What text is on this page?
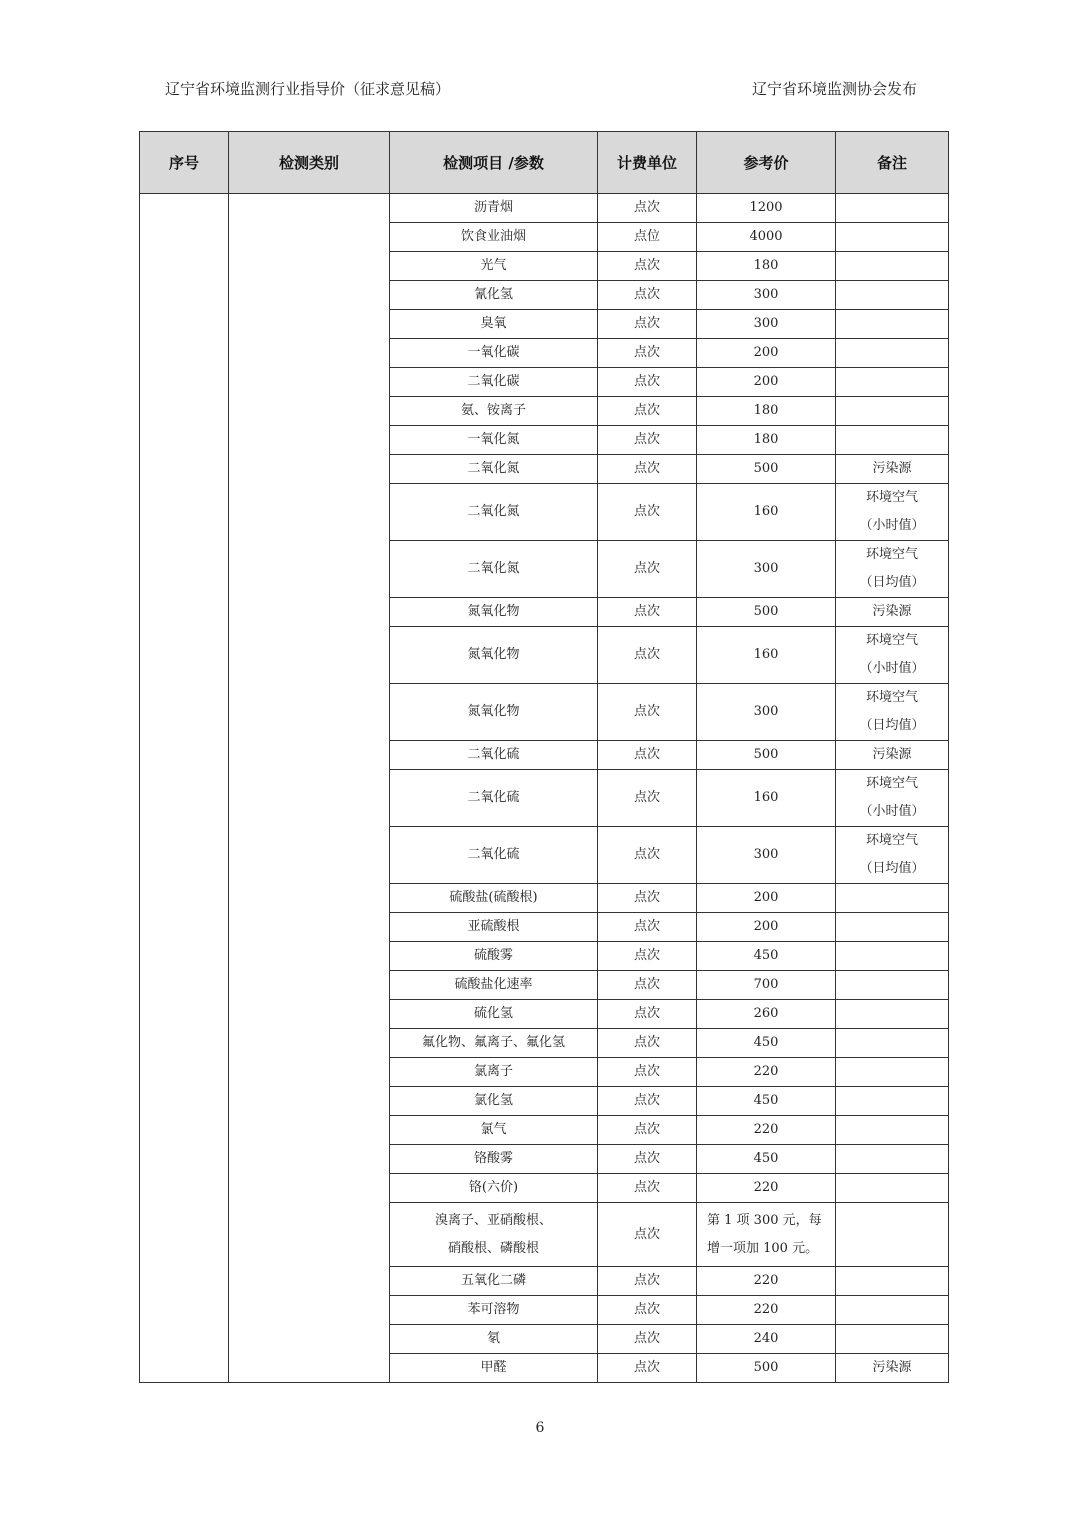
辽宁省环境监测行业指导价（征求意见稿）	辽宁省环境监测协会发布
序号	检测类别	检测项目 /参数	计费单位	参考价	备注
		沥青烟	点次	1200	
		饮食业油烟	点位	4000	
		光气	点次	180	
		氰化氢	点次	300	
		臭氧	点次	300	
		一氧化碳	点次	200	
		二氧化碳	点次	200	
		氨、铵离子	点次	180	
		一氧化氮	点次	180	
		二氧化氮	点次	500	污染源
		二氧化氮	点次	160	环境空气
（小时值）

		二氧化氮	点次	300	环境空气
（日均值）

		氮氧化物	点次	500	污染源
		氮氧化物	点次	160	环境空气
（小时值）

		氮氧化物	点次	300	环境空气
（日均值）

		二氧化硫	点次	500	污染源
		二氧化硫	点次	160	环境空气
（小时值）

		二氧化硫	点次	300	环境空气
（日均值）

		硫酸盐(硫酸根)	点次	200	
		亚硫酸根	点次	200	
		硫酸雾	点次	450	
		硫酸盐化速率	点次	700	
		硫化氢	点次	260	
		氟化物、氟离子、氟化氢	点次	450	
		氯离子	点次	220	
		氯化氢	点次	450	
		氯气	点次	220	
		铬酸雾	点次	450	
		铬(六价)	点次	220	

		溴离子、亚硝酸根、
硝酸根、磷酸根	点次	第 1 项 300 元，每
增一项加 100 元。	

		五氧化二磷	点次	220	
		苯可溶物	点次	220	
		氡	点次	240	
		甲醛	点次	500	污染源
6
